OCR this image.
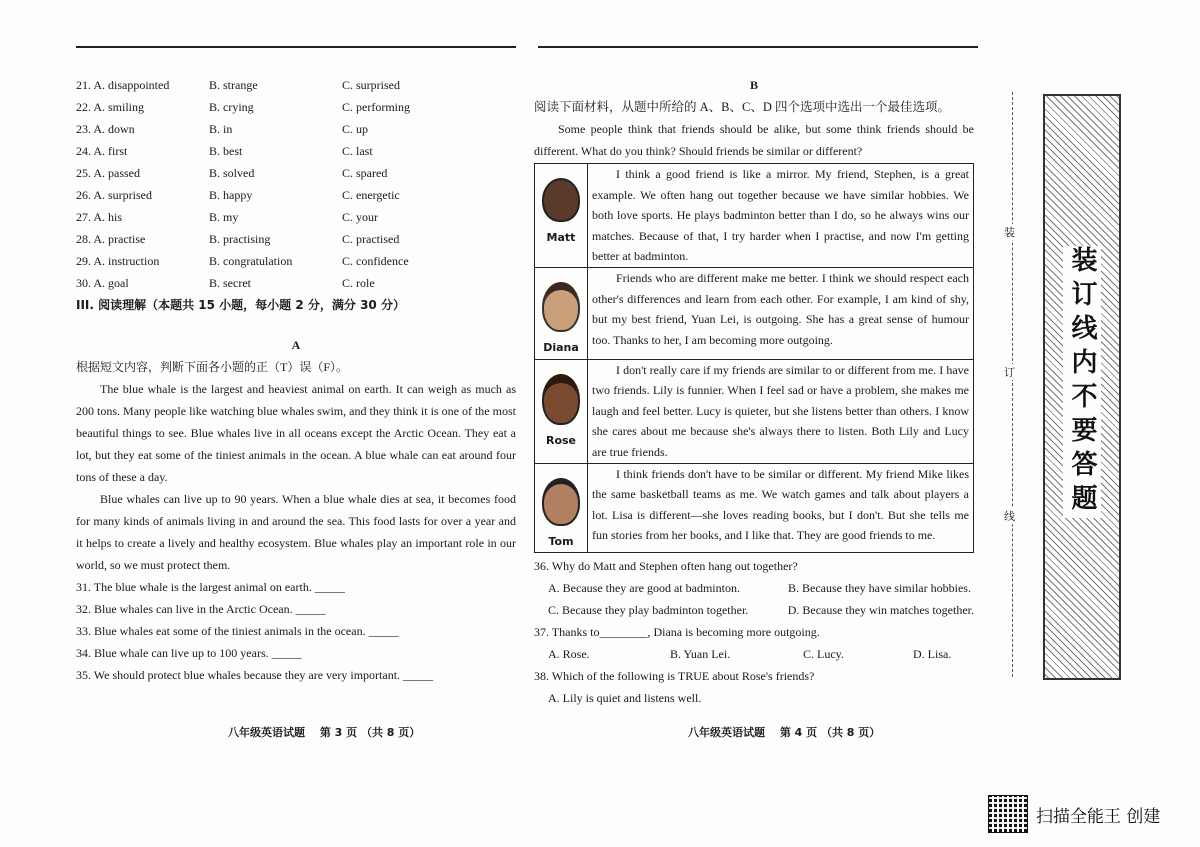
21. A. disappointed	B. strange	C. surprised
22. A. smiling	B. crying	C. performing
23. A. down	B. in	C. up
24. A. first	B. best	C. last
25. A. passed	B. solved	C. spared
26. A. surprised	B. happy	C. energetic
27. A. his	B. my	C. your
28. A. practise	B. practising	C. practised
29. A. instruction	B. congratulation	C. confidence
30. A. goal	B. secret	C. role
III. 阅读理解（本题共 15 小题，每小题 2 分，满分 30 分）
A
根据短文内容，判断下面各小题的正（T）误（F）。

The blue whale is the largest and heaviest animal on earth. It can weigh as much as 200 tons. Many people like watching blue whales swim, and they think it is one of the most beautiful things to see. Blue whales live in all oceans except the Arctic Ocean. They eat a lot, but they eat some of the tiniest animals in the ocean. A blue whale can eat around four tons of these a day.

Blue whales can live up to 90 years. When a blue whale dies at sea, it becomes food for many kinds of animals living in and around the sea. This food lasts for over a year and it helps to create a lively and healthy ecosystem. Blue whales play an important role in our world, so we must protect them.

31. The blue whale is the largest animal on earth. _____
32. Blue whales can live in the Arctic Ocean. _____
33. Blue whales eat some of the tiniest animals in the ocean. _____
34. Blue whale can live up to 100 years. _____
35. We should protect blue whales because they are very important. _____
八年级英语试题　 第 3 页 （共 8 页）
B
阅读下面材料，从题中所给的 A、B、C、D 四个选项中选出一个最佳选项。

Some people think that friends should be alike, but some think friends should be different. What do you think? Should friends be similar or different?

Matt	I think a good friend is like a mirror. My friend, Stephen, is a great example. We often hang out together because we have similar hobbies. We both love sports. He plays badminton better than I do, so he always wins our matches. Because of that, I try harder when I practise, and now I'm getting better at badminton.

Diana	Friends who are different make me better. I think we should respect each other's differences and learn from each other. For example, I am kind of shy, but my best friend, Yuan Lei, is outgoing. She has a great sense of humour too. Thanks to her, I am becoming more outgoing.

Rose	I don't really care if my friends are similar to or different from me. I have two friends. Lily is funnier. When I feel sad or have a problem, she makes me laugh and feel better. Lucy is quieter, but she listens better than others. I know she cares about me because she's always there to listen. Both Lily and Lucy are true friends.

Tom	I think friends don't have to be similar or different. My friend Mike likes the same basketball teams as me. We watch games and talk about players a lot. Lisa is different—she loves reading books, but I don't. But she tells me fun stories from her books, and I like that. They are good friends to me.

36. Why do Matt and Stephen often hang out together?
A. Because they are good at badminton.	B. Because they have similar hobbies.
C. Because they play badminton together.	D. Because they win matches together.
37. Thanks to________, Diana is becoming more outgoing.
A. Rose.	B. Yuan Lei.	C. Lucy.	D. Lisa.
38. Which of the following is TRUE about Rose's friends?
A. Lily is quiet and listens well.
八年级英语试题　 第 4 页 （共 8 页）
装
订
线 装订线内不要答题
扫描全能王 创建
